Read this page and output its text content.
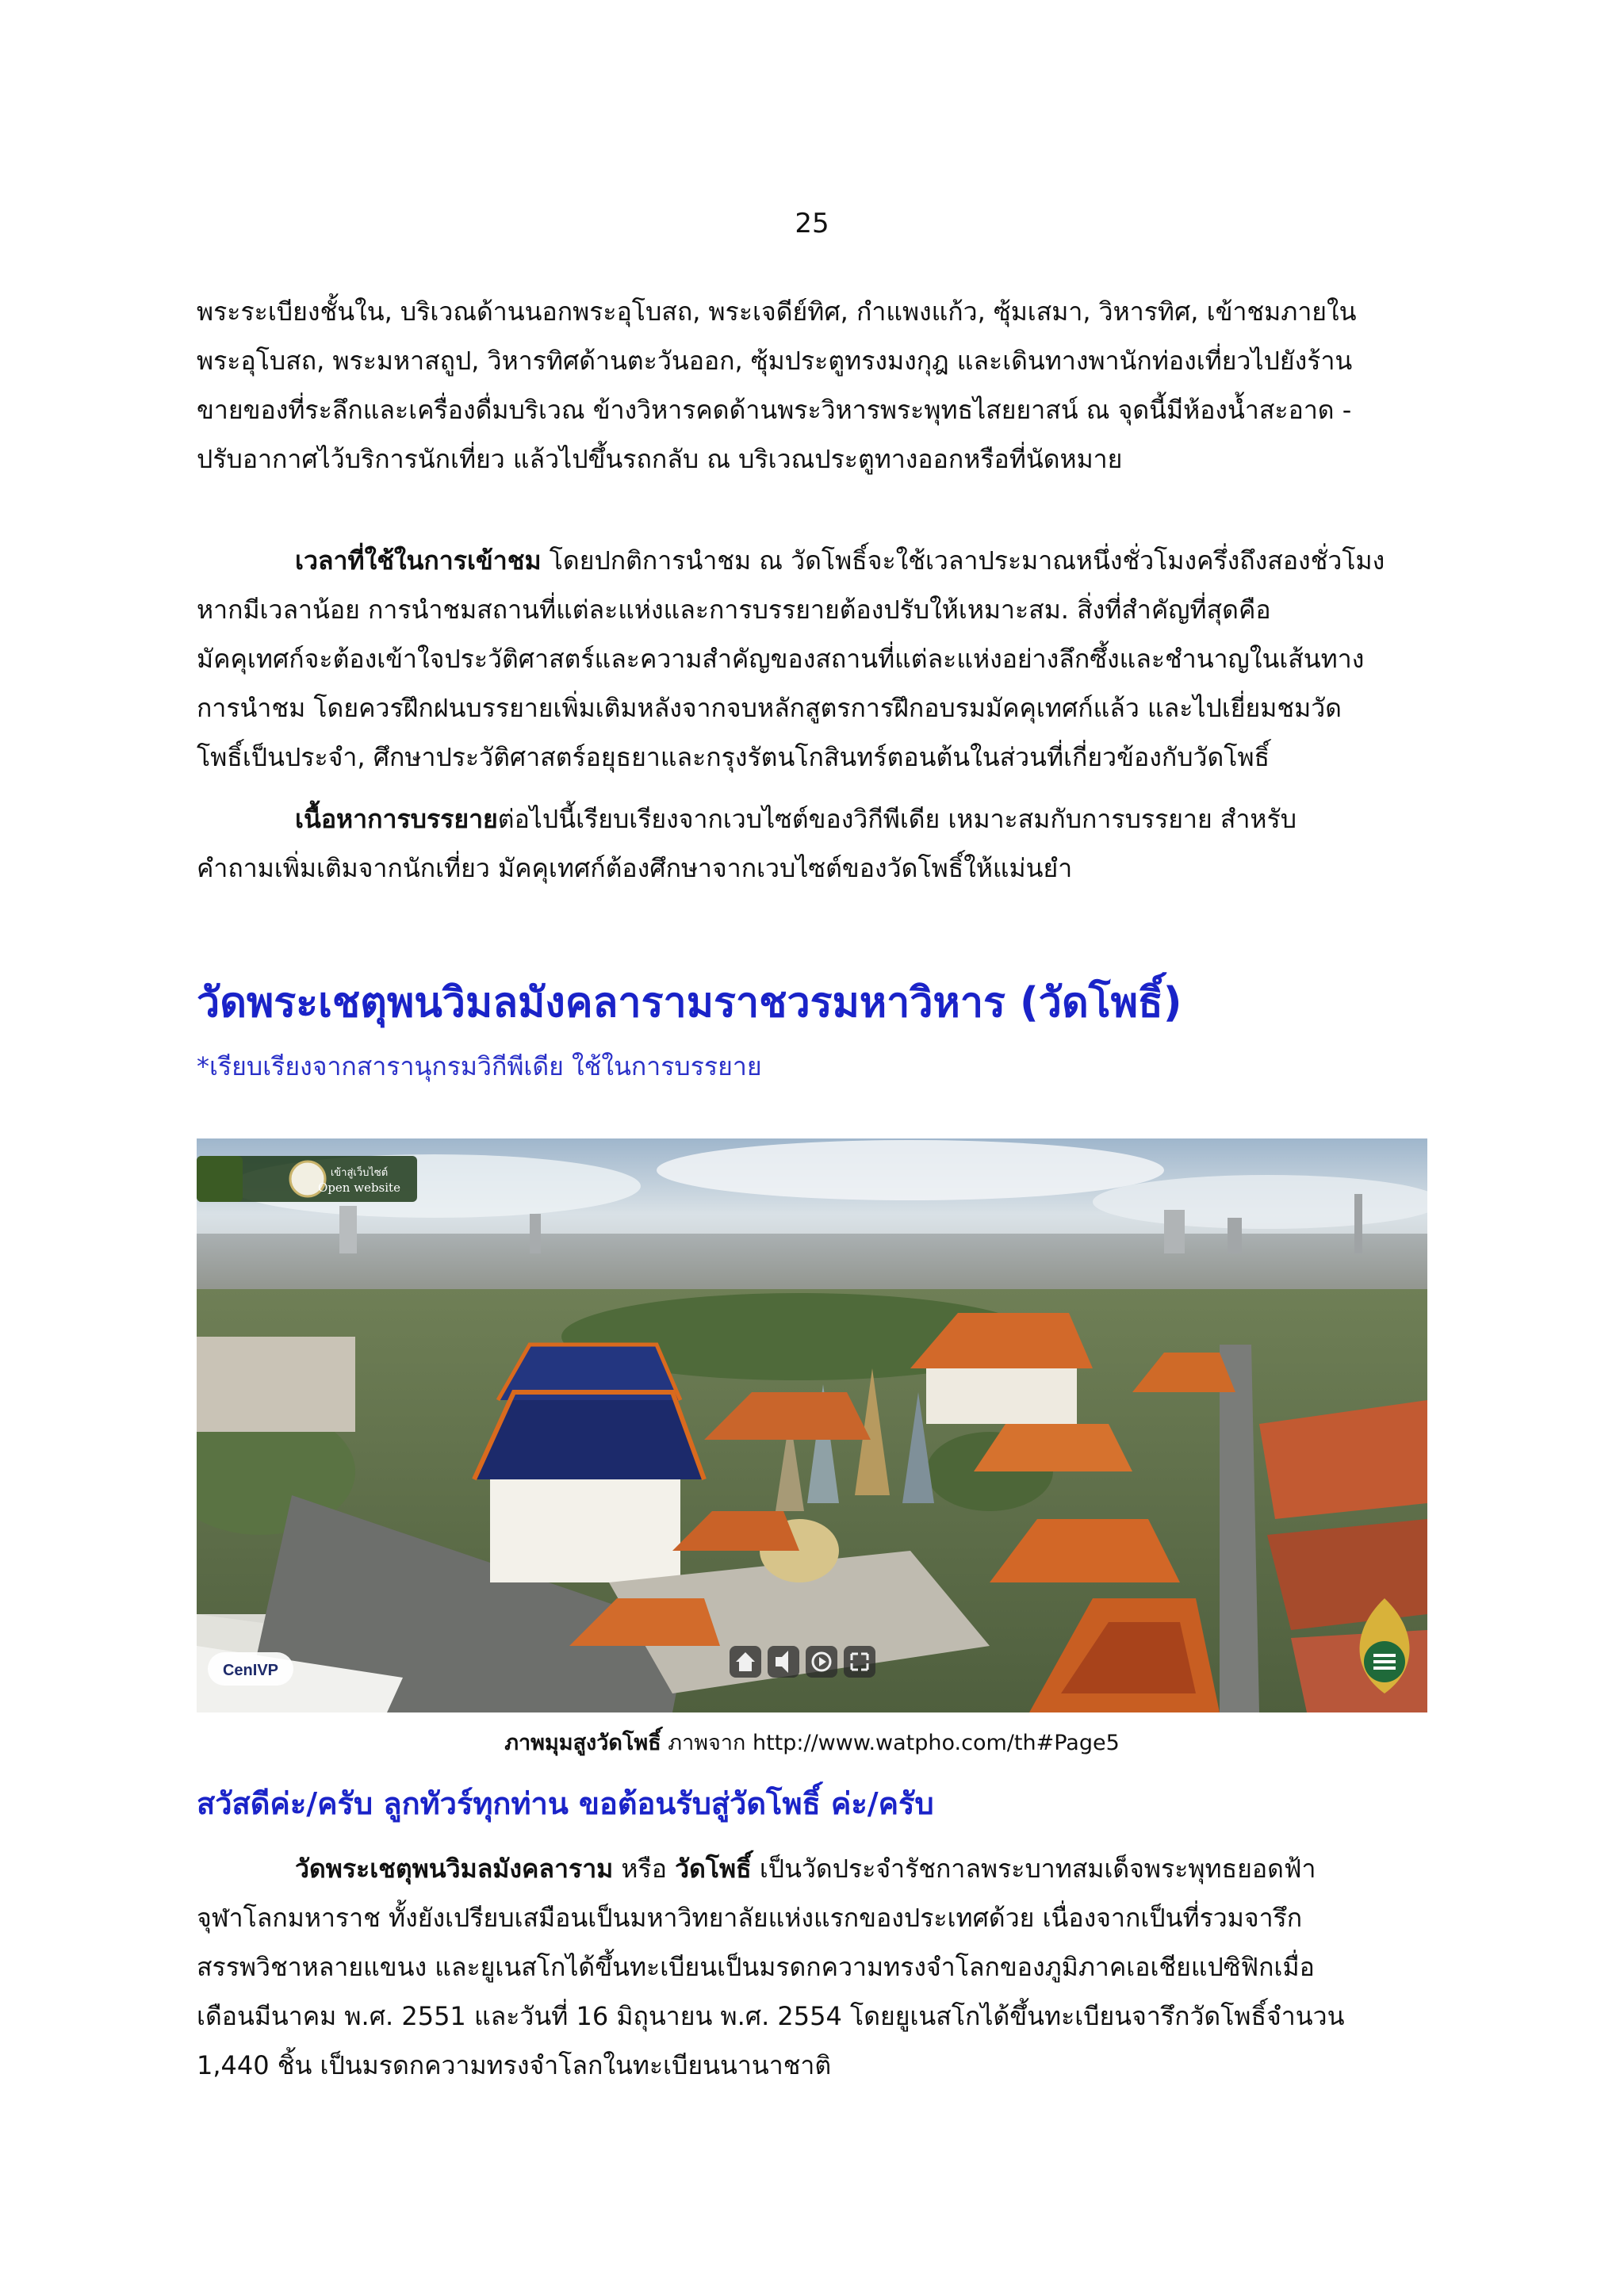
25

พระระเบียงชั้นใน, บริเวณด้านนอกพระอุโบสถ, พระเจดีย์ทิศ, กำแพงแก้ว, ซุ้มเสมา, วิหารทิศ, เข้าชมภายใน
พระอุโบสถ, พระมหาสถูป, วิหารทิศด้านตะวันออก, ซุ้มประตูทรงมงกุฎ และเดินทางพานักท่องเที่ยวไปยังร้าน
ขายของที่ระลึกและเครื่องดื่มบริเวณ ข้างวิหารคดด้านพระวิหารพระพุทธไสยยาสน์ ณ จุดนี้มีห้องน้ำสะอาด -
ปรับอากาศไว้บริการนักเที่ยว แล้วไปขึ้นรถกลับ ณ บริเวณประตูทางออกหรือที่นัดหมาย

เวลาที่ใช้ในการเข้าชม โดยปกติการนำชม ณ วัดโพธิ์จะใช้เวลาประมาณหนึ่งชั่วโมงครึ่งถึงสองชั่วโมง
หากมีเวลาน้อย การนำชมสถานที่แต่ละแห่งและการบรรยายต้องปรับให้เหมาะสม. สิ่งที่สำคัญที่สุดคือ
มัคคุเทศก์จะต้องเข้าใจประวัติศาสตร์และความสำคัญของสถานที่แต่ละแห่งอย่างลึกซึ้งและชำนาญในเส้นทาง
การนำชม โดยควรฝึกฝนบรรยายเพิ่มเติมหลังจากจบหลักสูตรการฝึกอบรมมัคคุเทศก์แล้ว และไปเยี่ยมชมวัด
โพธิ์เป็นประจำ, ศึกษาประวัติศาสตร์อยุธยาและกรุงรัตนโกสินทร์ตอนต้นในส่วนที่เกี่ยวข้องกับวัดโพธิ์

เนื้อหาการบรรยายต่อไปนี้เรียบเรียงจากเวบไซต์ของวิกีพีเดีย เหมาะสมกับการบรรยาย สำหรับ
คำถามเพิ่มเติมจากนักเที่ยว มัคคุเทศก์ต้องศึกษาจากเวบไซต์ของวัดโพธิ์ให้แม่นยำ

วัดพระเชตุพนวิมลมังคลารามราชวรมหาวิหาร (วัดโพธิ์)
*เรียบเรียงจากสารานุกรมวิกีพีเดีย ใช้ในการบรรยาย
เข้าสู่เว็บไซต์
Open website
CenIVP
ภาพมุมสูงวัดโพธิ์ ภาพจาก http://www.watpho.com/th#Page5
สวัสดีค่ะ/ครับ ลูกทัวร์ทุกท่าน ขอต้อนรับสู่วัดโพธิ์ ค่ะ/ครับ

วัดพระเชตุพนวิมลมังคลาราม หรือ วัดโพธิ์ เป็นวัดประจำรัชกาลพระบาทสมเด็จพระพุทธยอดฟ้า
จุฬาโลกมหาราช ทั้งยังเปรียบเสมือนเป็นมหาวิทยาลัยแห่งแรกของประเทศด้วย เนื่องจากเป็นที่รวมจารึก
สรรพวิชาหลายแขนง และยูเนสโกได้ขึ้นทะเบียนเป็นมรดกความทรงจำโลกของภูมิภาคเอเชียแปซิฟิกเมื่อ
เดือนมีนาคม พ.ศ. 2551 และวันที่ 16 มิถุนายน พ.ศ. 2554 โดยยูเนสโกได้ขึ้นทะเบียนจารึกวัดโพธิ์จำนวน
1,440 ชิ้น เป็นมรดกความทรงจำโลกในทะเบียนนานาชาติ
